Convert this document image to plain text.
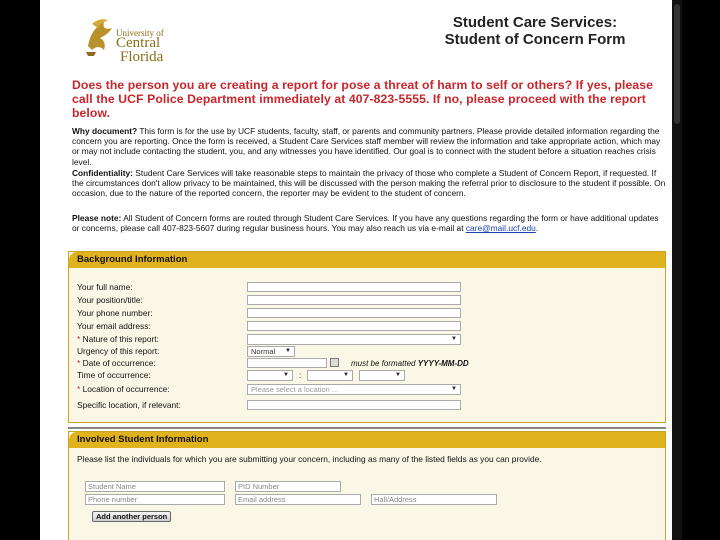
University of
Central
Florida
Student Care Services:
Student of Concern Form
Does the person you are creating a report for pose a threat of harm to self or others? If yes, please call the UCF Police Department immediately at 407-823-5555. If no, please proceed with the report below.
Why document? This form is for the use by UCF students, faculty, staff, or parents and community partners. Please provide detailed information regarding the concern you are reporting. Once the form is received, a Student Care Services staff member will review the information and take appropriate action, which may or may not include contacting the student, you, and any witnesses you have identified. Our goal is to connect with the student before a situation reaches crisis level.
Confidentiality: Student Care Services will take reasonable steps to maintain the privacy of those who complete a Student of Concern Report, if requested. If the circumstances don't allow privacy to be maintained, this will be discussed with the person making the referral prior to disclosure to the student if possible. On occasion, due to the nature of the reported concern, the reporter may be evident to the student of concern.
Please note: All Student of Concern forms are routed through Student Care Services. If you have any questions regarding the form or have additional updates or concerns, please call 407-823-5607 during regular business hours. You may also reach us via e-mail at care@mail.ucf.edu.
Background Information
Your full name:
Your position/title:
Your phone number:
Your email address:
* Nature of this report:	▼
Urgency of this report:	Normal ▼
* Date of occurrence:	must be formatted YYYY-MM-DD
Time of occurrence:	▼ :	▼	▼
* Location of occurrence:	Please select a location ...	▼
Specific location, if relevant:
Involved Student Information
Please list the individuals for which you are submitting your concern, including as many of the listed fields as you can provide.
Student Name	PID Number
Phone number	Email address	Hall/Address
Add another person
